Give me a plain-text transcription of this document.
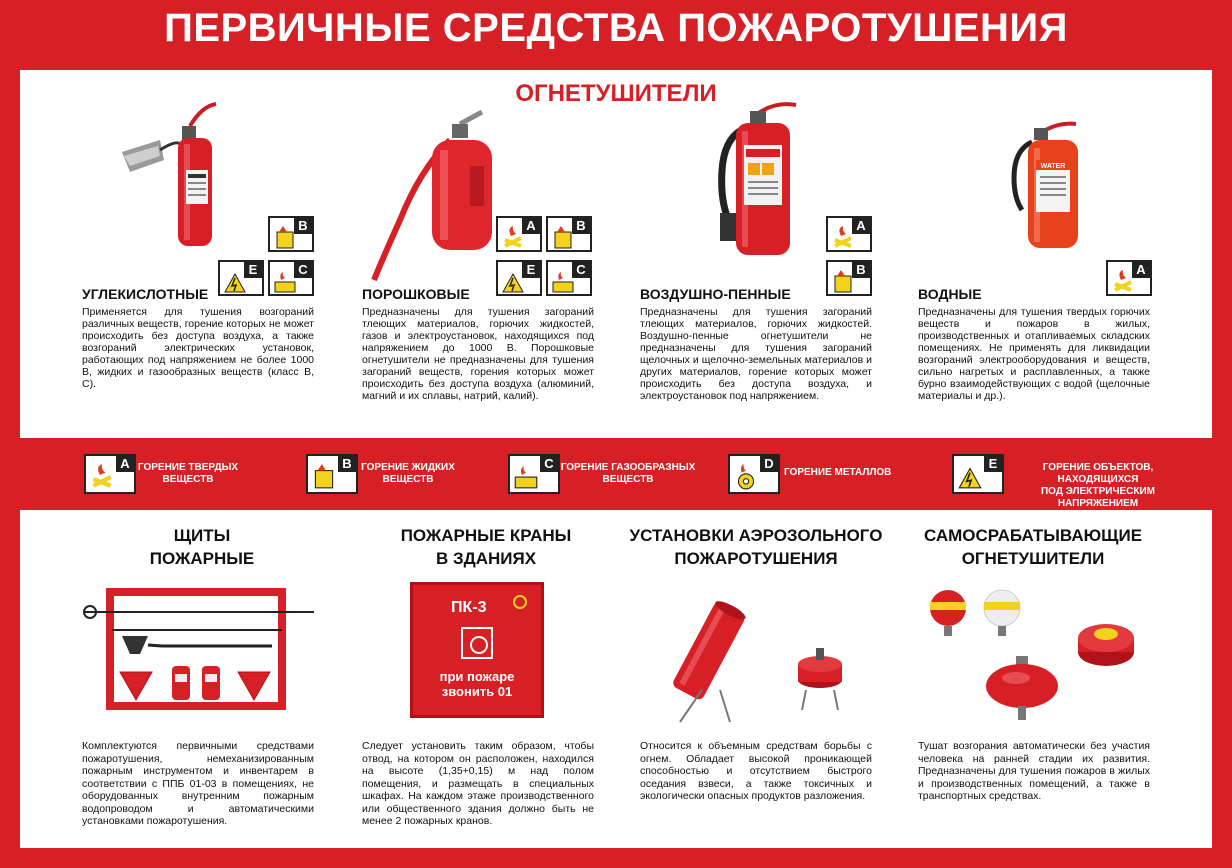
ПЕРВИЧНЫЕ СРЕДСТВА ПОЖАРОТУШЕНИЯ
ОГНЕТУШИТЕЛИ
WATER
B
E	C
УГЛЕКИСЛОТНЫЕ
Применяется для тушения возгораний различных веществ, горение которых не может происходить без доступа воздуха, а также возгораний электрических установок, работающих под напряжением не более 1000 В, жидких и газообразных веществ (класс В, С).
A	B
E	C
ПОРОШКОВЫЕ
Предназначены для тушения загораний тлеющих материалов, горючих жидкостей, газов и электроустановок, находящихся под напряжением до 1000 В. Порошковые огнетушители не предназначены для тушения загораний веществ, горения которых может происходить без доступа воздуха (алюминий, магний и их сплавы, натрий, калий).
A
B
ВОЗДУШНО-ПЕННЫЕ
Предназначены для тушения загораний тлеющих материалов, горючих жидкостей. Воздушно-пенные огнетушители не предназначены для тушения загораний щелочных и щелочно-земельных материалов и других материалов, горение которых может происходить без доступа воздуха, и электроустановок под напряжением.
A
ВОДНЫЕ
Предназначены для тушения твердых горючих веществ и пожаров в жилых, производственных и отапливаемых складских помещениях. Не применять для ликвидации возгораний электрооборудования и веществ, сильно нагретых и расплавленных, а также бурно взаимодействующих с водой (щелочные материалы и др.).
A ГОРЕНИЕ ТВЕРДЫХ
ВЕЩЕСТВ
B ГОРЕНИЕ ЖИДКИХ
ВЕЩЕСТВ
C ГОРЕНИЕ ГАЗООБРАЗНЫХ
ВЕЩЕСТВ
D
ГОРЕНИЕ МЕТАЛЛОВ
E	ГОРЕНИЕ ОБЪЕКТОВ, НАХОДЯЩИХСЯ
ПОД ЭЛЕКТРИЧЕСКИМ НАПРЯЖЕНИЕМ
ЩИТЫ
ПОЖАРНЫЕ
Комплектуются первичными средствами пожаротушения, немеханизированным пожарным инструментом и инвентарем в соответствии с ППБ 01-03 в помещениях, не оборудованных внутренним пожарным водопроводом и автоматическими установками пожаротушения.
ПОЖАРНЫЕ КРАНЫ
В ЗДАНИЯХ
ПК-3
при пожаре
звонить 01
Следует установить таким образом, чтобы отвод, на котором он расположен, находился на высоте (1,35+0,15) м над полом помещения, и размещать в специальных шкафах. На каждом этаже производственного или общественного здания должно быть не менее 2 пожарных кранов.
УСТАНОВКИ АЭРОЗОЛЬНОГО
ПОЖАРОТУШЕНИЯ
Относится к объемным средствам борьбы с огнем. Обладает высокой проникающей способностью и отсутствием быстрого оседания взвеси, а также токсичных и экологически опасных продуктов разложения.
САМОСРАБАТЫВАЮЩИЕ
ОГНЕТУШИТЕЛИ
Тушат возгорания автоматически без участия человека на ранней стадии их развития. Предназначены для тушения пожаров в жилых и производственных помещений, а также в транспортных средствах.
